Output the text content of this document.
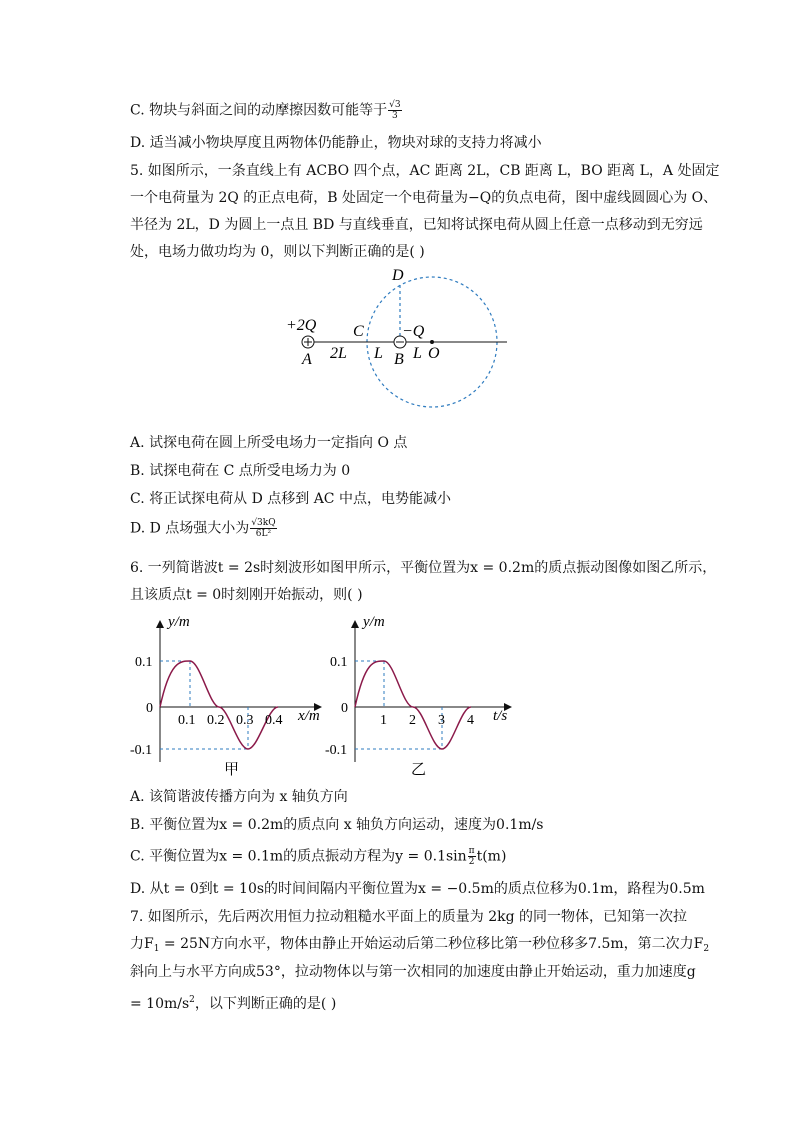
C. 物块与斜面之间的动摩擦因数可能等于 $\frac{√3}{3}$
D. 适当减小物块厚度且两物体仍能静止，物块对球的支持力将减小
5. 如图所示，一条直线上有 ACBO 四个点，AC 距离 2L，CB 距离 L，BO 距离 L，A 处固定
一个电荷量为 2Q 的正点电荷，B 处固定一个电荷量为−Q的负点电荷，图中虚线圆圆心为 O、
半径为 2L，D 为圆上一点且 BD 与直线垂直，已知将试探电荷从圆上任意一点移动到无穷远
处，电场力做功均为 0，则以下判断正确的是( )
D
+2Q C −Q
A 2L L B L O
A. 试探电荷在圆上所受电场力一定指向 O 点
B. 试探电荷在 C 点所受电场力为 0
C. 将正试探电荷从 D 点移到 AC 中点，电势能减小
D. D 点场强大小为 $\frac{√3kQ}{\text{6L²}}$
6. 一列简谐波t = 2s时刻波形如图甲所示，平衡位置为x = 0.2m的质点振动图像如图乙所示，
且该质点t = 0时刻刚开始振动，则( )
y/m
x/m
0.1
-0.1
0
0.1 0.2 0.3 0.4
甲
y/m
t/s
0.1
-0.1
0
1 2 3 4
乙
A. 该简谐波传播方向为 x 轴负方向
B. 平衡位置为x = 0.2m的质点向 x 轴负方向运动，速度为0.1m/s
C. 平衡位置为x = 0.1m的质点振动方程为$y = 0.1\sin \frac{\pi}{2} t(m)$
D. 从t = 0到t = 10s的时间间隔内平衡位置为x = −0.5m的质点位移为0.1m，路程为0.5m
7. 如图所示，先后两次用恒力拉动粗糙水平面上的质量为 2kg 的同一物体，已知第一次拉
力$F_1 = 25N$方向水平，物体由静止开始运动后第二秒位移比第一秒位移多7.5m，第二次力$F_2$
斜向上与水平方向成53°，拉动物体以与第一次相同的加速度由静止开始运动，重力加速度g
= $10m/s^2$，以下判断正确的是( )
